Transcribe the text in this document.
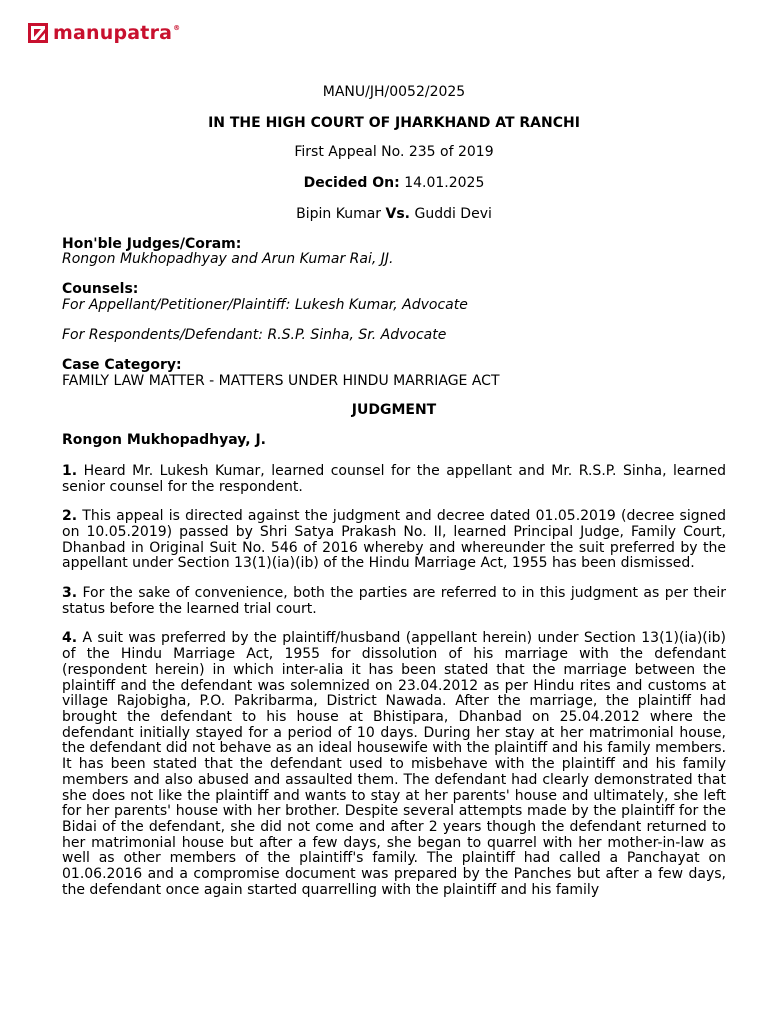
manupatra®

MANU/JH/0052/2025

IN THE HIGH COURT OF JHARKHAND AT RANCHI

First Appeal No. 235 of 2019

Decided On: 14.01.2025

Bipin Kumar Vs. Guddi Devi

Hon'ble Judges/Coram:
Rongon Mukhopadhyay and Arun Kumar Rai, JJ.
Counsels:
For Appellant/Petitioner/Plaintiff: Lukesh Kumar, Advocate
For Respondents/Defendant: R.S.P. Sinha, Sr. Advocate
Case Category:
FAMILY LAW MATTER - MATTERS UNDER HINDU MARRIAGE ACT

JUDGMENT

Rongon Mukhopadhyay, J.

1. Heard Mr. Lukesh Kumar, learned counsel for the appellant and Mr. R.S.P. Sinha, learned senior counsel for the respondent.

2. This appeal is directed against the judgment and decree dated 01.05.2019 (decree signed on 10.05.2019) passed by Shri Satya Prakash No. II, learned Principal Judge, Family Court, Dhanbad in Original Suit No. 546 of 2016 whereby and whereunder the suit preferred by the appellant under Section 13(1)(ia)(ib) of the Hindu Marriage Act, 1955 has been dismissed.

3. For the sake of convenience, both the parties are referred to in this judgment as per their status before the learned trial court.

4. A suit was preferred by the plaintiff/husband (appellant herein) under Section 13(1)(ia)(ib) of the Hindu Marriage Act, 1955 for dissolution of his marriage with the defendant (respondent herein) in which inter-alia it has been stated that the marriage between the plaintiff and the defendant was solemnized on 23.04.2012 as per Hindu rites and customs at village Rajobigha, P.O. Pakribarma, District Nawada. After the marriage, the plaintiff had brought the defendant to his house at Bhistipara, Dhanbad on 25.04.2012 where the defendant initially stayed for a period of 10 days. During her stay at her matrimonial house, the defendant did not behave as an ideal housewife with the plaintiff and his family members. It has been stated that the defendant used to misbehave with the plaintiff and his family members and also abused and assaulted them. The defendant had clearly demonstrated that she does not like the plaintiff and wants to stay at her parents' house and ultimately, she left for her parents' house with her brother. Despite several attempts made by the plaintiff for the Bidai of the defendant, she did not come and after 2 years though the defendant returned to her matrimonial house but after a few days, she began to quarrel with her mother-in-law as well as other members of the plaintiff's family. The plaintiff had called a Panchayat on 01.06.2016 and a compromise document was prepared by the Panches but after a few days, the defendant once again started quarrelling with the plaintiff and his family
